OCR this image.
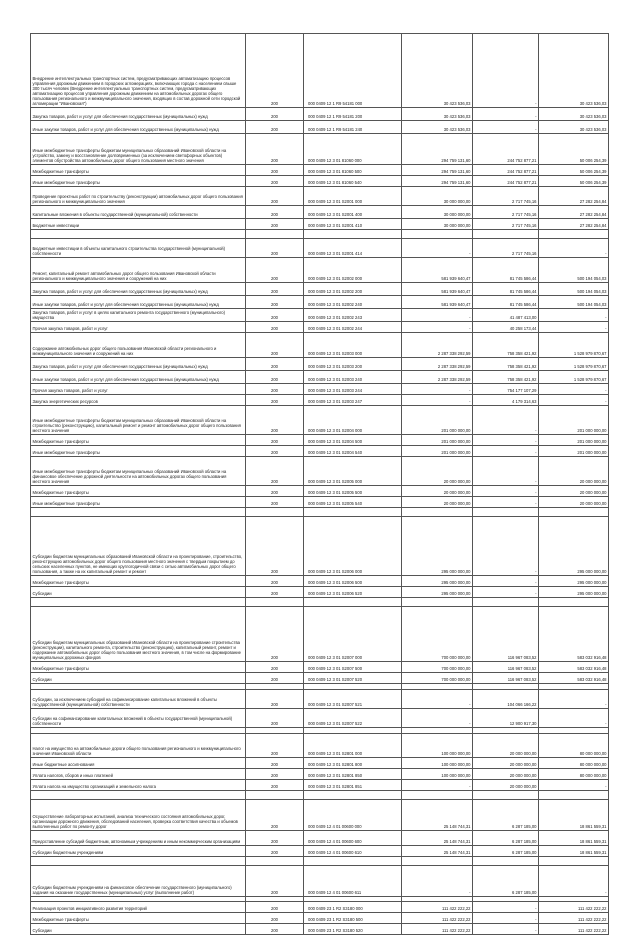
Внедрение интеллектуальных транспортных систем, предусматривающих автоматизацию процессов управления дорожным движением в городских агломерациях, включающих города с населением свыше 300 тысяч человек (Внедрение интеллектуальных транспортных систем, предусматривающих автоматизацию процессов управления дорожным движением на автомобильных дорогах общего пользования регионального и межмуниципального значения, входящих в состав дорожной сети городской агломерации "Ивановская")	200	000 0409 12 1 R9 54181 000	30 423 536,03	-	30 423 536,03
Закупка товаров, работ и услуг для обеспечения государственных (муниципальных) нужд	200	000 0409 12 1 R9 54181 200	30 423 536,03	-	30 423 536,03
Иные закупки товаров, работ и услуг для обеспечения государственных (муниципальных) нужд	200	000 0409 12 1 R9 54181 240	30 423 536,03	-	30 423 536,03
Иные межбюджетные трансферты бюджетам муниципальных образований Ивановской области на устройство, замену и восстановление долговременных (за исключением светофорных объектов) элементов обустройства автомобильных дорог общего пользования местного значения	200	000 0409 12 3 01 81060 000	294 759 131,60	244 752 877,21	50 006 254,39
Межбюджетные трансферты	200	000 0409 12 3 01 81060 500	294 759 131,60	244 752 877,21	50 006 254,39
Иные межбюджетные трансферты	200	000 0409 12 3 01 81060 540	294 759 131,60	244 752 877,21	50 006 254,39
Проведение проектных работ по строительству (реконструкции) автомобильных дорог общего пользования регионального и межмуниципального значения	200	000 0409 12 3 01 S2001 000	30 000 000,00	2 717 745,16	27 282 254,84
Капитальные вложения в объекты государственной (муниципальной) собственности	200	000 0409 12 3 01 S2001 400	30 000 000,00	2 717 745,16	27 282 254,84
Бюджетные инвестиции	200	000 0409 12 3 01 S2001 410	30 000 000,00	2 717 745,16	27 282 254,84

Бюджетные инвестиции в объекты капитального строительства государственной (муниципальной) собственности	200	000 0409 12 3 01 S2001 414	-	2 717 745,16	-
Ремонт, капитальный ремонт автомобильных дорог общего пользования Ивановской области регионального и межмуниципального значения и сооружений на них	200	000 0409 12 3 01 S2002 000	581 939 640,47	81 745 586,44	500 194 054,03
Закупка товаров, работ и услуг для обеспечения государственных (муниципальных) нужд	200	000 0409 12 3 01 S2002 200	581 939 640,47	81 745 586,44	500 194 054,03
Иные закупки товаров, работ и услуг для обеспечения государственных (муниципальных) нужд	200	000 0409 12 3 01 S2002 240	581 939 640,47	81 745 586,44	500 194 054,03
Закупка товаров, работ и услуг в целях капитального ремонта государственного (муниципального) имущества	200	000 0409 12 3 01 S2002 243	-	41 487 413,00	-
Прочая закупка товаров, работ и услуг	200	000 0409 12 3 01 S2002 244	-	40 258 173,44	-
Содержание автомобильных дорог общего пользования Ивановской области регионального и межмуниципального значения и сооружений на них	200	000 0409 12 3 01 S2003 000	2 287 338 292,59	758 358 421,92	1 528 979 870,67
Закупка товаров, работ и услуг для обеспечения государственных (муниципальных) нужд	200	000 0409 12 3 01 S2003 200	2 287 338 292,59	758 358 421,92	1 528 979 870,67
Иные закупки товаров, работ и услуг для обеспечения государственных (муниципальных) нужд	200	000 0409 12 3 01 S2003 240	2 287 338 292,59	758 358 421,92	1 528 979 870,67
Прочая закупка товаров, работ и услуг	200	000 0409 12 3 01 S2003 244	-	754 177 107,29	-
Закупка энергетических ресурсов	200	000 0409 12 3 01 S2003 247	-	4 179 314,63	-
Иные межбюджетные трансферты бюджетам муниципальных образований Ивановской области на строительство (реконструкцию), капитальный ремонт и ремонт автомобильных дорог общего пользования местного значения	200	000 0409 12 3 01 S2004 000	201 000 000,00	-	201 000 000,00
Межбюджетные трансферты	200	000 0409 12 3 01 S2004 500	201 000 000,00	-	201 000 000,00
Иные межбюджетные трансферты	200	000 0409 12 3 01 S2004 540	201 000 000,00	-	201 000 000,00
Иные межбюджетные трансферты бюджетам муниципальных образований Ивановской области на финансовое обеспечение дорожной деятельности на автомобильных дорогах общего пользования местного значения	200	000 0409 12 3 01 S2005 000	20 000 000,00	-	20 000 000,00
Межбюджетные трансферты	200	000 0409 12 3 01 S2005 500	20 000 000,00	-	20 000 000,00
Иные межбюджетные трансферты	200	000 0409 12 3 01 S2005 540	20 000 000,00	-	20 000 000,00

Субсидии бюджетам муниципальных образований Ивановской области на проектирование, строительство, реконструкцию автомобильных дорог общего пользования местного значения с твердым покрытием до сельских населенных пунктов, не имеющих круглогодичной связи с сетью автомобильных дорог общего пользования, а также на их капитальный ремонт и ремонт	200	000 0409 12 3 01 S2006 000	295 000 000,00	-	295 000 000,00
Межбюджетные трансферты	200	000 0409 12 3 01 S2006 500	295 000 000,00	-	295 000 000,00
Субсидии	200	000 0409 12 3 01 S2006 520	295 000 000,00	-	295 000 000,00

Субсидии бюджетам муниципальных образований Ивановской области на проектирование строительства (реконструкции), капитального ремонта, строительство (реконструкцию), капитальный ремонт, ремонт и содержание автомобильных дорог общего пользования местного значения, в том числе на формирование муниципальных дорожных фондов	200	000 0409 12 3 01 S2007 000	700 000 000,00	116 967 083,52	583 032 916,48
Межбюджетные трансферты	200	000 0409 12 3 01 S2007 500	700 000 000,00	116 967 083,52	583 032 916,48
Субсидии	200	000 0409 12 3 01 S2007 520	700 000 000,00	116 967 083,52	583 032 916,48

Субсидии, за исключением субсидий на софинансирование капитальных вложений в объекты государственной (муниципальной) собственности	200	000 0409 12 3 01 S2007 521	-	104 066 166,22	-
Субсидии на софинансирование капитальных вложений в объекты государственной (муниципальной) собственности	200	000 0409 12 3 01 S2007 522	-	12 900 917,30	-

Налог на имущество на автомобильные дороги общего пользования регионального и межмуниципального значения Ивановской области	200	000 0409 12 3 01 S2801 000	100 000 000,00	20 000 000,00	80 000 000,00
Иные бюджетные ассигнования	200	000 0409 12 3 01 S2801 800	100 000 000,00	20 000 000,00	80 000 000,00
Уплата налогов, сборов и иных платежей	200	000 0409 12 3 01 S2801 850	100 000 000,00	20 000 000,00	80 000 000,00
Уплата налога на имущество организаций и земельного налога	200	000 0409 12 3 01 S2801 851	-	20 000 000,00	-

Осуществление лабораторных испытаний, анализа технического состояния автомобильных дорог, организации дорожного движения, обследований населения, проверка соответствия качества и объемов выполненных работ по ремонту дорог	200	000 0409 12 4 01 00600 000	25 148 744,31	6 287 185,00	18 861 559,31
Предоставление субсидий бюджетным, автономным учреждениям и иным некоммерческим организациям	200	000 0409 12 4 01 00600 600	25 148 744,31	6 287 185,00	18 861 559,31
Субсидии бюджетным учреждениям	200	000 0409 12 4 01 00600 610	25 148 744,31	6 287 185,00	18 861 559,31

Субсидии бюджетным учреждениям на финансовое обеспечение государственного (муниципального) задания на оказание государственных (муниципальных) услуг (выполнение работ)	200	000 0409 12 4 01 00600 611	-	6 287 185,00	-

Реализация проектов инициативного развития территорий	200	000 0409 23 1 R2 S3180 000	111 422 222,22	-	111 422 222,22
Межбюджетные трансферты	200	000 0409 23 1 R2 S3180 500	111 422 222,22	-	111 422 222,22
Субсидии	200	000 0409 23 1 R2 S3180 520	111 422 222,22	-	111 422 222,22
